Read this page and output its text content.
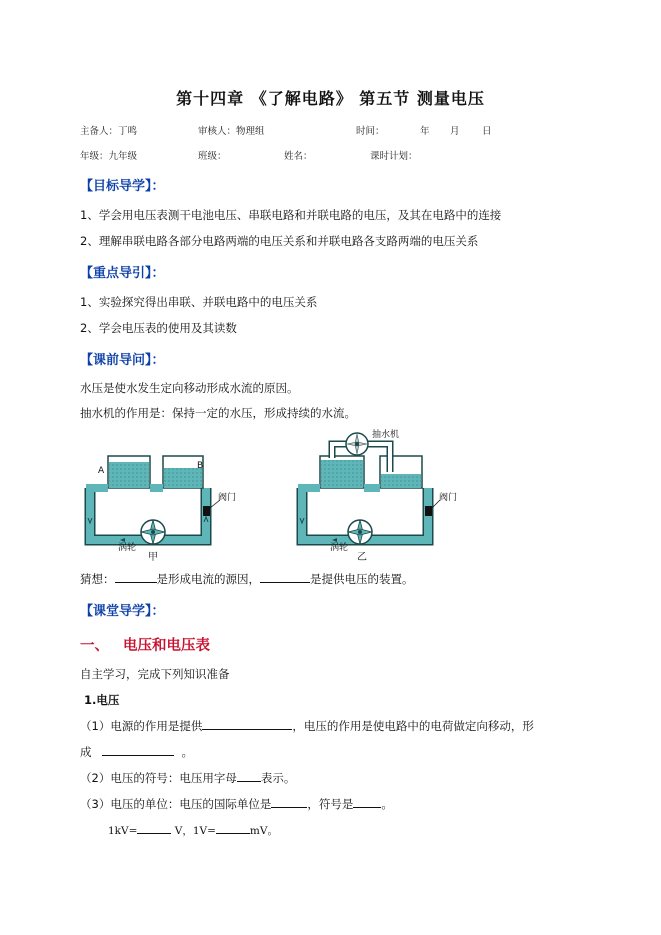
第十四章 《了解电路》 第五节 测量电压
主备人：丁鸣	审核人：物理组	时间：	年 月 日
年级：九年级	班级：	姓名：	课时计划：
【目标导学】：
1、学会用电压表测干电池电压、串联电路和并联电路的电压，及其在电路中的连接
2、理解串联电路各部分电路两端的电压关系和并联电路各支路两端的电压关系
【重点导引】：
1、实验探究得出串联、并联电路中的电压关系
2、学会电压表的使用及其读数
【课前导问】：
水压是使水发生定向移动形成水流的原因。
抽水机的作用是：保持一定的水压，形成持续的水流。
A	B
阀门
涡轮
甲
抽水机
阀门
涡轮
乙
猜想：	是形成电流的源因，	是提供电压的装置。
【课堂导学】：
一、 电压和电压表
自主学习，完成下列知识准备
1.电压
（1）电源的作用是提供	，电压的作用是使电路中的电荷做定向移动，形
成	。
（2）电压的符号：电压用字母 表示。
（3）电压的单位：电压的国际单位是	，符号是 。
1kV=	V，1V=	mV。
